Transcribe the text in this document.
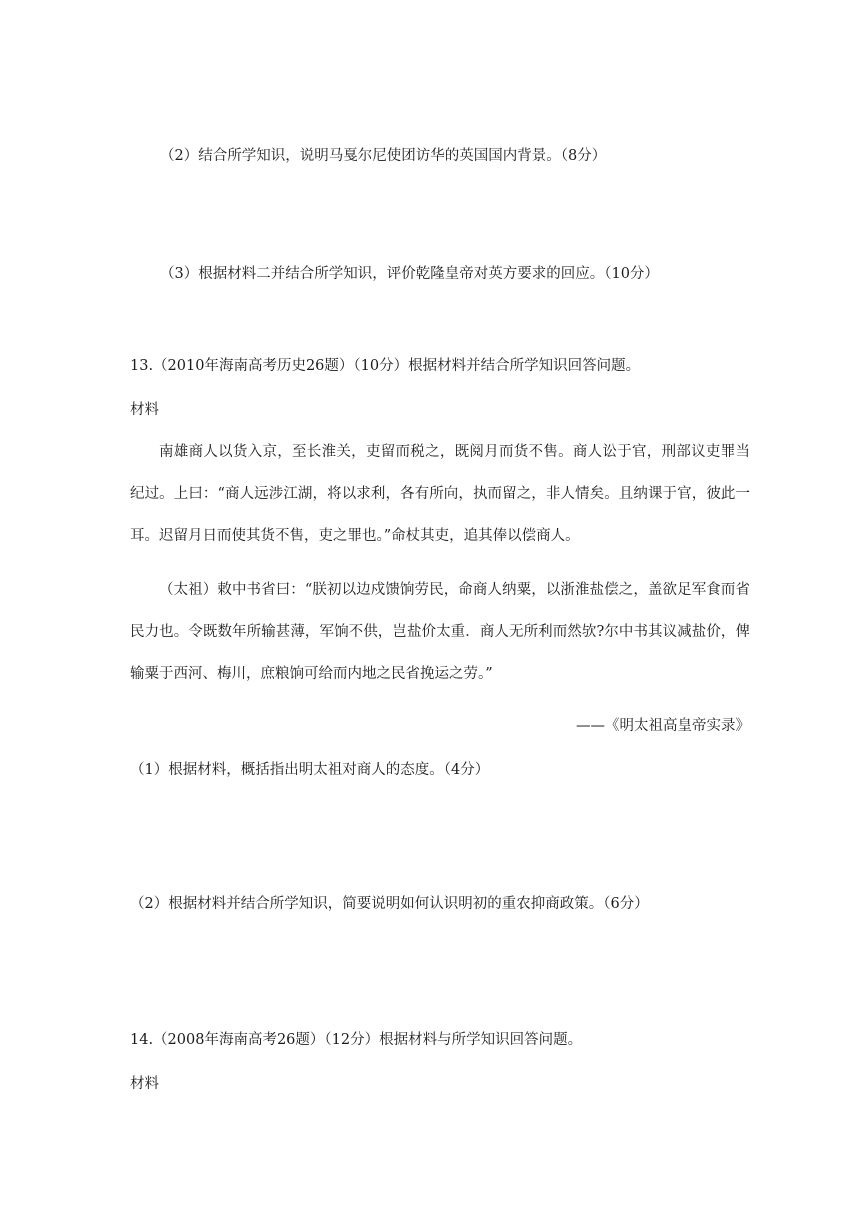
（2）结合所学知识，说明马戛尔尼使团访华的英国国内背景。（8分）
（3）根据材料二并结合所学知识，评价乾隆皇帝对英方要求的回应。（10分）
13.（2010年海南高考历史26题）（10分）根据材料并结合所学知识回答问题。
材料
南雄商人以货入京，至长淮关，吏留而税之，既阅月而货不售。商人讼于官，刑部议吏罪当纪过。上曰：“商人远涉江湖，将以求利，各有所向，执而留之，非人情矣。且纳课于官，彼此一耳。迟留月日而使其货不售，吏之罪也。”命杖其吏，追其俸以偿商人。
（太祖）敕中书省曰：“朕初以边戍馈饷劳民，命商人纳粟，以浙淮盐偿之，盖欲足军食而省民力也。令既数年所输甚薄，军饷不供，岂盐价太重．商人无所利而然欤?尔中书其议减盐价，俾输粟于西河、梅川，庶粮饷可给而内地之民省挽运之劳。”
——《明太祖高皇帝实录》
（1）根据材料，概括指出明太祖对商人的态度。（4分）
（2）根据材料并结合所学知识，简要说明如何认识明初的重农抑商政策。（6分）
14.（2008年海南高考26题）（12分）根据材料与所学知识回答问题。
材料
